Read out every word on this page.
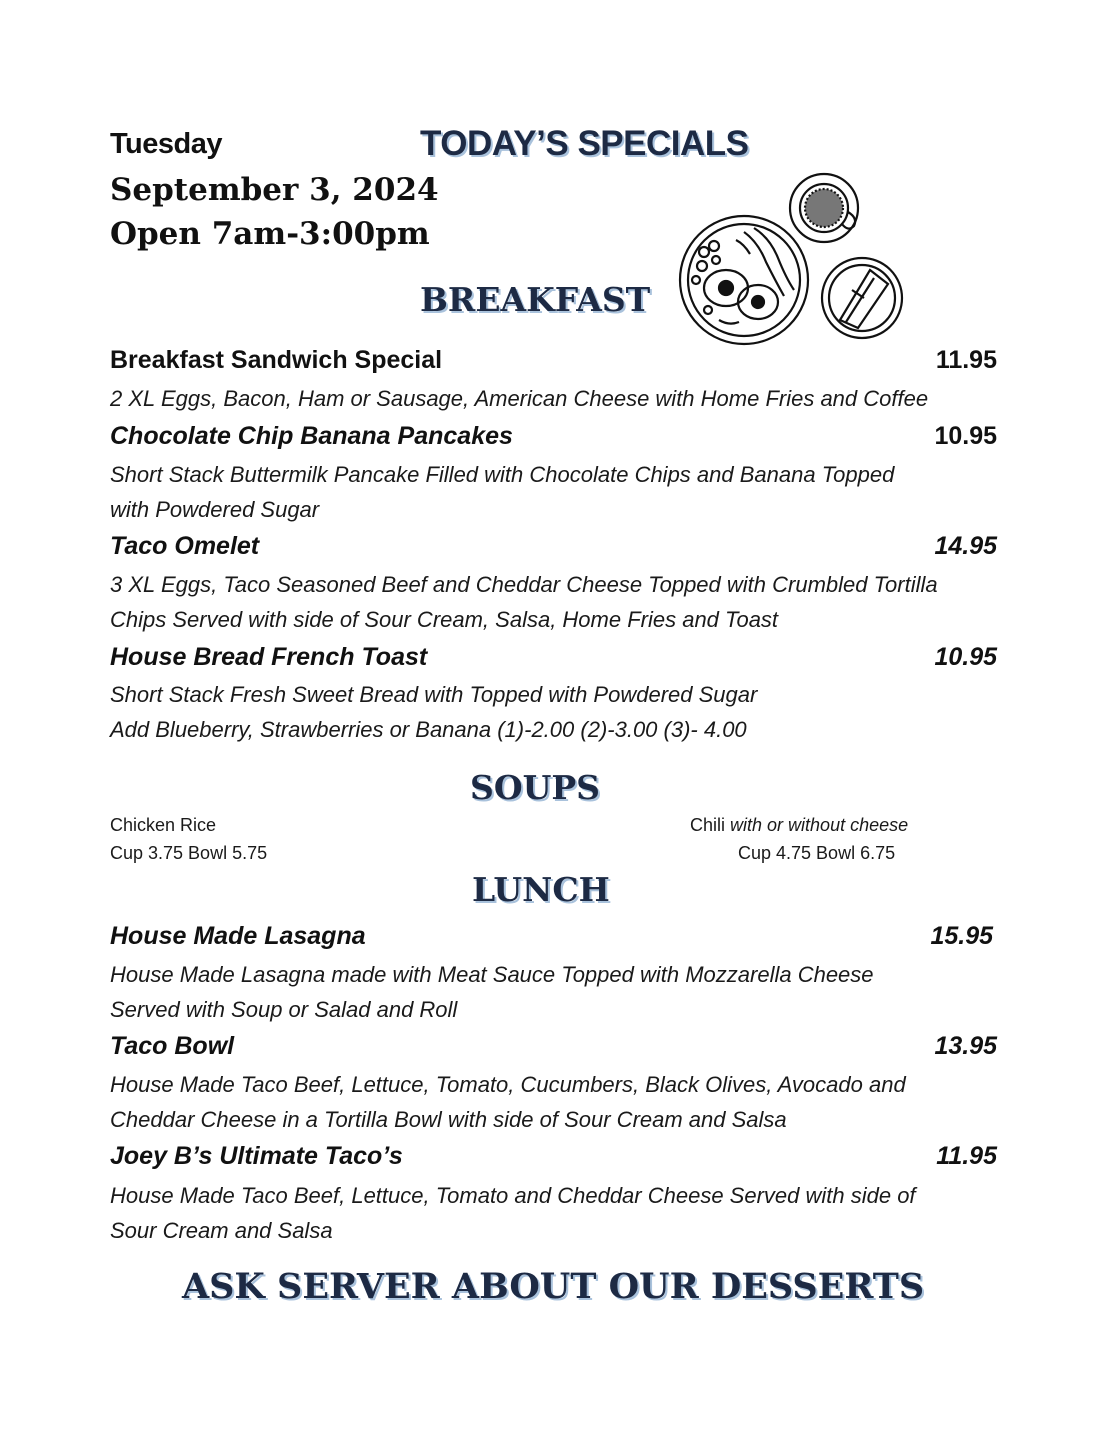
Tuesday	TODAY’S SPECIALS
September 3, 2024
Open 7am-3:00pm
BREAKFAST
Breakfast Sandwich Special	11.95
2 XL Eggs, Bacon, Ham or Sausage, American Cheese with Home Fries and Coffee
Chocolate Chip Banana Pancakes	10.95
Short Stack Buttermilk Pancake Filled with Chocolate Chips and Banana Topped
with Powdered Sugar
Taco Omelet	14.95
3 XL Eggs, Taco Seasoned Beef and Cheddar Cheese Topped with Crumbled Tortilla
Chips Served with side of Sour Cream, Salsa, Home Fries and Toast
House Bread French Toast	10.95
Short Stack Fresh Sweet Bread with Topped with Powdered Sugar
Add Blueberry, Strawberries or Banana (1)-2.00 (2)-3.00 (3)- 4.00
SOUPS
Chicken Rice
Cup 3.75 Bowl 5.75
Chili with or without cheese
Cup 4.75 Bowl 6.75
LUNCH
House Made Lasagna	15.95
House Made Lasagna made with Meat Sauce Topped with Mozzarella Cheese
Served with Soup or Salad and Roll
Taco Bowl	13.95
House Made Taco Beef, Lettuce, Tomato, Cucumbers, Black Olives, Avocado and
Cheddar Cheese in a Tortilla Bowl with side of Sour Cream and Salsa
Joey B’s Ultimate Taco’s	11.95
House Made Taco Beef, Lettuce, Tomato and Cheddar Cheese Served with side of
Sour Cream and Salsa
ASK SERVER ABOUT OUR DESSERTS
